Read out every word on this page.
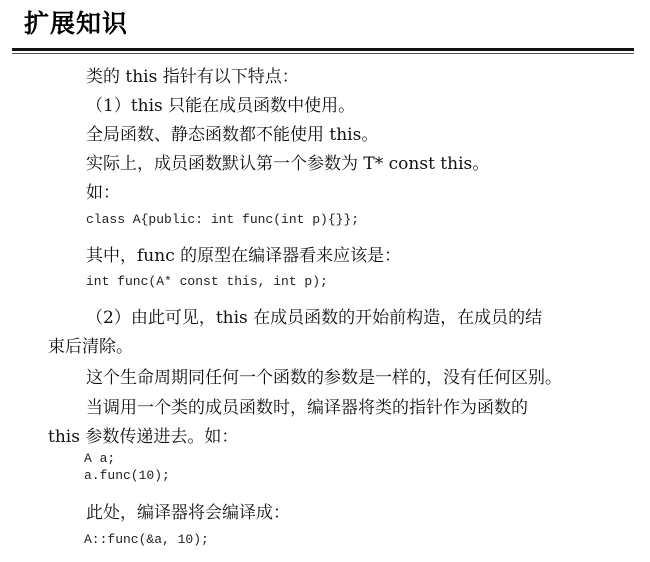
扩展知识
类的 this 指针有以下特点：
（1）this 只能在成员函数中使用。
全局函数、静态函数都不能使用 this。
实际上，成员函数默认第一个参数为 T* const this。
如：
class A{public: int func(int p){}};
其中，func 的原型在编译器看来应该是：
int func(A* const this, int p);
（2）由此可见，this 在成员函数的开始前构造，在成员的结
束后清除。
这个生命周期同任何一个函数的参数是一样的，没有任何区别。
当调用一个类的成员函数时，编译器将类的指针作为函数的
this 参数传递进去。如：
A a;
a.func(10);
此处，编译器将会编译成：
A::func(&a, 10);
